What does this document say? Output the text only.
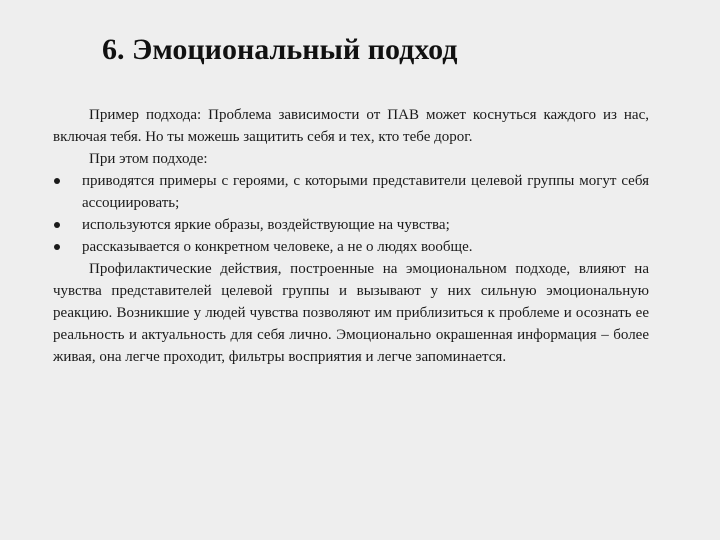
6. Эмоциональный подход

Пример подхода: Проблема зависимости от ПАВ может коснуться каждого из нас, включая тебя. Но ты можешь защитить себя и тех, кто тебе дорог.

При этом подходе:

приводятся примеры с героями, с которыми представители целевой группы могут себя ассоциировать;
используются яркие образы, воздействующие на чувства;
рассказывается о конкретном человеке, а не о людях вообще.

Профилактические действия, построенные на эмоциональном подходе, влияют на чувства представителей целевой группы и вызывают у них сильную эмоциональную реакцию. Возникшие у людей чувства позволяют им приблизиться к проблеме и осознать ее реальность и актуальность для себя лично. Эмоционально окрашенная информация – более живая, она легче проходит, фильтры восприятия и легче запоминается.
